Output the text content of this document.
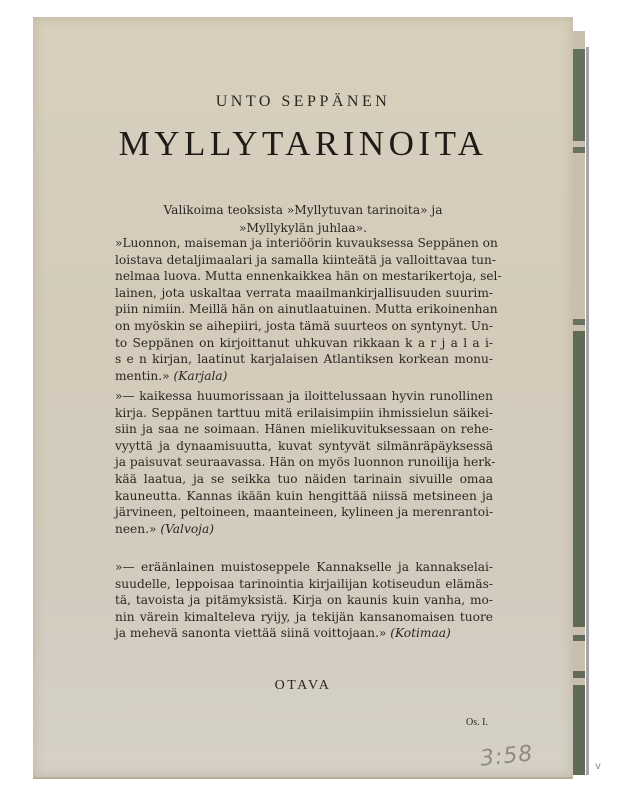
UNTO SEPPÄNEN
MYLLYTARINOITA
Valikoima teoksista »Myllytuvan tarinoita» ja
»Myllykylän juhlaa».
»Luonnon, maiseman ja interiöörin kuvauksessa Seppänen on
loistava detaljimaalari ja samalla kiinteätä ja valloittavaa tun-
nelmaa luova. Mutta ennenkaikkea hän on mestarikertoja, sel-
lainen, jota uskaltaa verrata maailmankirjallisuuden suurim-
piin nimiin. Meillä hän on ainutlaatuinen. Mutta erikoinenhan
on myöskin se aihepiiri, josta tämä suurteos on syntynyt. Un-
to Seppänen on kirjoittanut uhkuvan rikkaan k a r j a l a i-
s e n kirjan, laatinut karjalaisen Atlantiksen korkean monu-
mentin.» (Karjala)
»— kaikessa huumorissaan ja iloittelussaan hyvin runollinen
kirja. Seppänen tarttuu mitä erilaisimpiin ihmissielun säikei-
siin ja saa ne soimaan. Hänen mielikuvituksessaan on rehe-
vyyttä ja dynaamisuutta, kuvat syntyvät silmänräpäyksessä
ja paisuvat seuraavassa. Hän on myös luonnon runoilija herk-
kää laatua, ja se seikka tuo näiden tarinain sivuille omaa
kauneutta. Kannas ikään kuin hengittää niissä metsineen ja
järvineen, peltoineen, maanteineen, kylineen ja merenrantoi-
neen.» (Valvoja)
»— eräänlainen muistoseppele Kannakselle ja kannakselai-
suudelle, leppoisaa tarinointia kirjailijan kotiseudun elämäs-
tä, tavoista ja pitämyksistä. Kirja on kaunis kuin vanha, mo-
nin värein kimalteleva ryijy, ja tekijän kansanomaisen tuore
ja mehevä sanonta viettää siinä voittojaan.» (Kotimaa)
OTAVA
Os. I.
3:58	v
